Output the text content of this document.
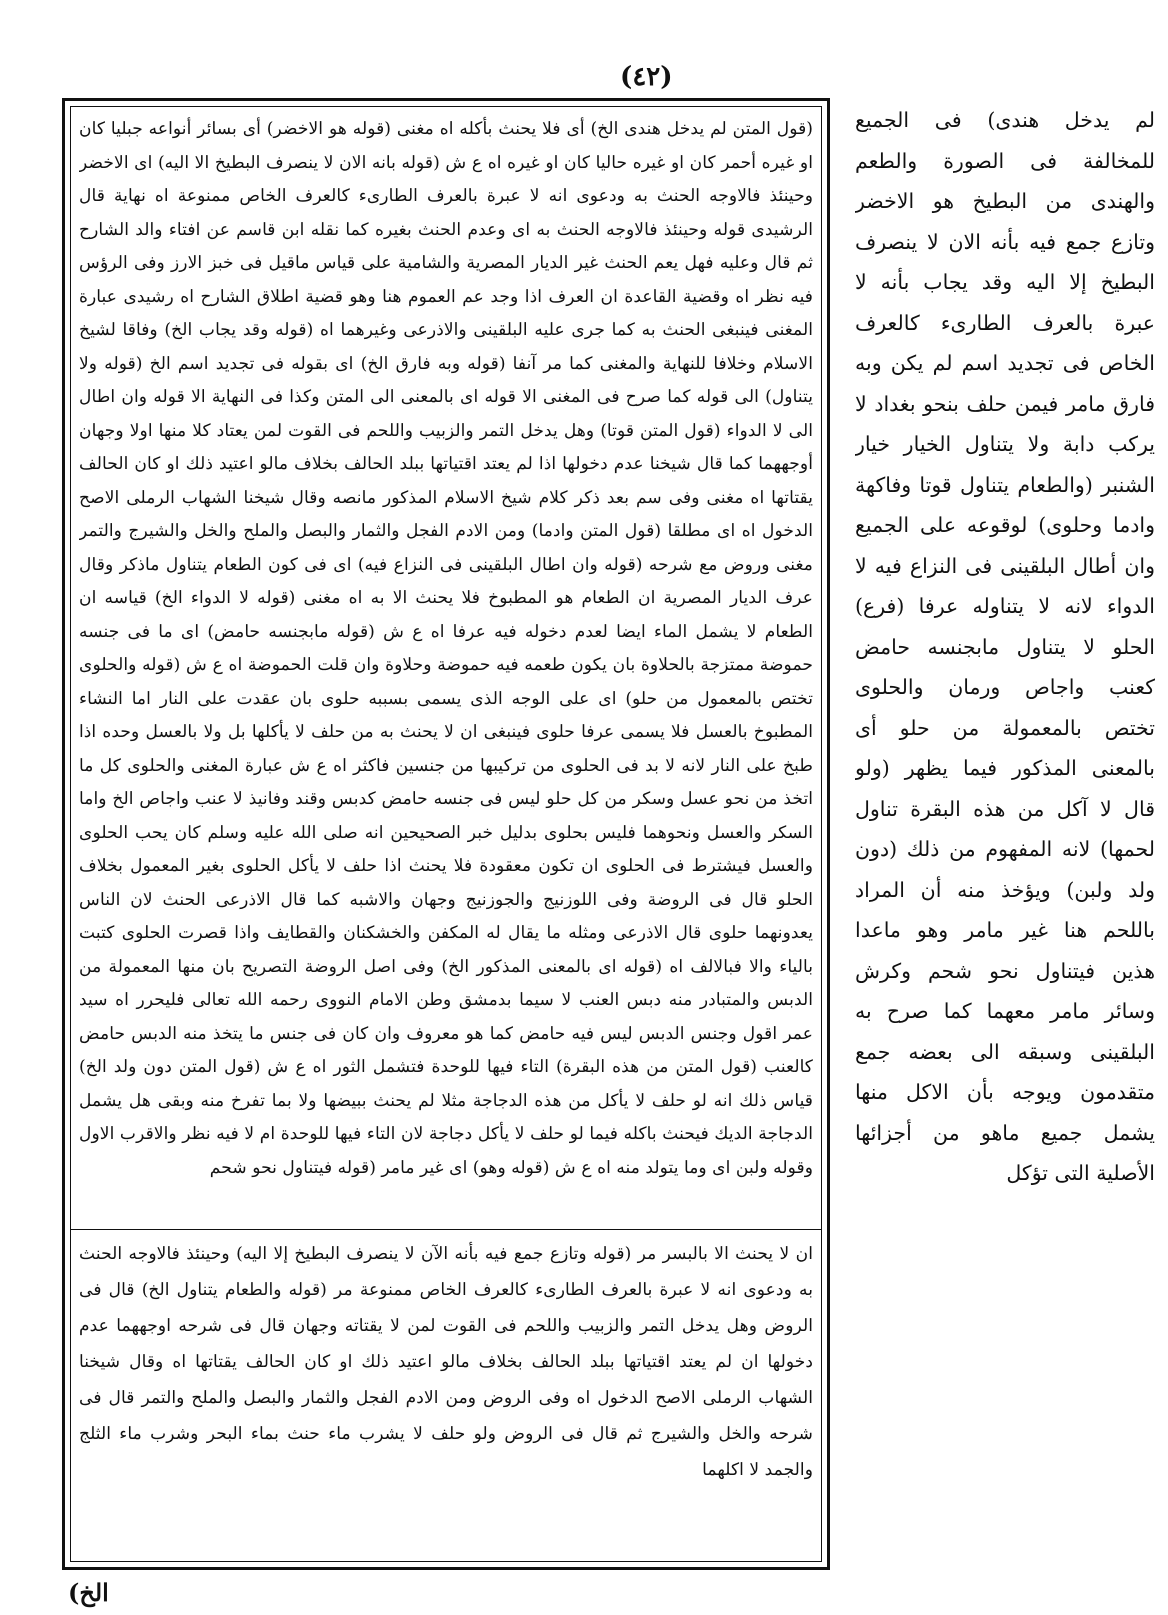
(٤٢)
لم يدخل هندى) فى الجميع للمخالفة فى الصورة والطعم والهندى من البطيخ هو الاخضر وتازع جمع فيه بأنه الان لا ينصرف البطيخ إلا اليه وقد يجاب بأنه لا عبرة بالعرف الطارىء كالعرف الخاص فى تجديد اسم لم يكن وبه فارق مامر فيمن حلف بنحو بغداد لا يركب دابة ولا يتناول الخيار خيار الشنبر (والطعام يتناول قوتا وفاكهة وادما وحلوى) لوقوعه على الجميع وان أطال البلقينى فى النزاع فيه لا الدواء لانه لا يتناوله عرفا (فرع) الحلو لا يتناول مابجنسه حامض كعنب واجاص ورمان والحلوى تختص بالمعمولة من حلو أى بالمعنى المذكور فيما يظهر (ولو قال لا آكل من هذه البقرة تناول لحمها) لانه المفهوم من ذلك (دون ولد ولبن) ويؤخذ منه أن المراد باللحم هنا غير مامر وهو ماعدا هذين فيتناول نحو شحم وكرش وسائر مامر معهما كما صرح به البلقينى وسبقه الى بعضه جمع متقدمون ويوجه بأن الاكل منها يشمل جميع ماهو من أجزائها الأصلية التى تؤكل
(قول المتن لم يدخل هندى الخ) أى فلا يحنث بأكله اه مغنى (قوله هو الاخضر) أى بسائر أنواعه جبليا كان او غيره أحمر كان او غيره حاليا كان او غيره اه ع ش (قوله بانه الان لا ينصرف البطيخ الا اليه) اى الاخضر وحينئذ فالاوجه الحنث به ودعوى انه لا عبرة بالعرف الطارىء كالعرف الخاص ممنوعة اه نهاية قال الرشيدى قوله وحينئذ فالاوجه الحنث به اى وعدم الحنث بغيره كما نقله ابن قاسم عن افتاء والد الشارح ثم قال وعليه فهل يعم الحنث غير الديار المصرية والشامية على قياس ماقيل فى خبز الارز وفى الرؤس فيه نظر اه وقضية القاعدة ان العرف اذا وجد عم العموم هنا وهو قضية اطلاق الشارح اه رشيدى عبارة المغنى فينبغى الحنث به كما جرى عليه البلقينى والاذرعى وغيرهما اه (قوله وقد يجاب الخ) وفاقا لشيخ الاسلام وخلافا للنهاية والمغنى كما مر آنفا (قوله وبه فارق الخ) اى بقوله فى تجديد اسم الخ (قوله ولا يتناول) الى قوله كما صرح فى المغنى الا قوله اى بالمعنى الى المتن وكذا فى النهاية الا قوله وان اطال الى لا الدواء (قول المتن قوتا) وهل يدخل التمر والزبيب واللحم فى القوت لمن يعتاد كلا منها اولا وجهان أوجههما كما قال شيخنا عدم دخولها اذا لم يعتد اقتياتها ببلد الحالف بخلاف مالو اعتيد ذلك او كان الحالف يقتاتها اه مغنى وفى سم بعد ذكر كلام شيخ الاسلام المذكور مانصه وقال شيخنا الشهاب الرملى الاصح الدخول اه اى مطلقا (قول المتن وادما) ومن الادم الفجل والثمار والبصل والملح والخل والشيرج والتمر مغنى وروض مع شرحه (قوله وان اطال البلقينى فى النزاع فيه) اى فى كون الطعام يتناول ماذكر وقال عرف الديار المصرية ان الطعام هو المطبوخ فلا يحنث الا به اه مغنى (قوله لا الدواء الخ) قياسه ان الطعام لا يشمل الماء ايضا لعدم دخوله فيه عرفا اه ع ش (قوله مابجنسه حامض) اى ما فى جنسه حموضة ممتزجة بالحلاوة بان يكون طعمه فيه حموضة وحلاوة وان قلت الحموضة اه ع ش (قوله والحلوى تختص بالمعمول من حلو) اى على الوجه الذى يسمى بسببه حلوى بان عقدت على النار اما النشاء المطبوخ بالعسل فلا يسمى عرفا حلوى فينبغى ان لا يحنث به من حلف لا يأكلها بل ولا بالعسل وحده اذا طبخ على النار لانه لا بد فى الحلوى من تركيبها من جنسين فاكثر اه ع ش عبارة المغنى والحلوى كل ما اتخذ من نحو عسل وسكر من كل حلو ليس فى جنسه حامض كدبس وقند وفانيذ لا عنب واجاص الخ واما السكر والعسل ونحوهما فليس بحلوى بدليل خبر الصحيحين انه صلى الله عليه وسلم كان يحب الحلوى والعسل فيشترط فى الحلوى ان تكون معقودة فلا يحنث اذا حلف لا يأكل الحلوى بغير المعمول بخلاف الحلو قال فى الروضة وفى اللوزنيج والجوزنيج وجهان والاشبه كما قال الاذرعى الحنث لان الناس يعدونهما حلوى قال الاذرعى ومثله ما يقال له المكفن والخشكنان والقطايف واذا قصرت الحلوى كتبت بالياء والا فبالالف اه (قوله اى بالمعنى المذكور الخ) وفى اصل الروضة التصريح بان منها المعمولة من الدبس والمتبادر منه دبس العنب لا سيما بدمشق وطن الامام النووى رحمه الله تعالى فليحرر اه سيد عمر اقول وجنس الدبس ليس فيه حامض كما هو معروف وان كان فى جنس ما يتخذ منه الدبس حامض كالعنب (قول المتن من هذه البقرة) التاء فيها للوحدة فتشمل الثور اه ع ش (قول المتن دون ولد الخ) قياس ذلك انه لو حلف لا يأكل من هذه الدجاجة مثلا لم يحنث ببيضها ولا بما تفرخ منه وبقى هل يشمل الدجاجة الديك فيحنث باكله فيما لو حلف لا يأكل دجاجة لان التاء فيها للوحدة ام لا فيه نظر والاقرب الاول وقوله ولبن اى وما يتولد منه اه ع ش (قوله وهو) اى غير مامر (قوله فيتناول نحو شحم
ان لا يحنث الا بالبسر مر (قوله وتازع جمع فيه بأنه الآن لا ينصرف البطيخ إلا اليه) وحينئذ فالاوجه الحنث به ودعوى انه لا عبرة بالعرف الطارىء كالعرف الخاص ممنوعة مر (قوله والطعام يتناول الخ) قال فى الروض وهل يدخل التمر والزبيب واللحم فى القوت لمن لا يقتاته وجهان قال فى شرحه اوجههما عدم دخولها ان لم يعتد اقتياتها ببلد الحالف بخلاف مالو اعتيد ذلك او كان الحالف يقتاتها اه وقال شيخنا الشهاب الرملى الاصح الدخول اه وفى الروض ومن الادم الفجل والثمار والبصل والملح والتمر قال فى شرحه والخل والشيرج ثم قال فى الروض ولو حلف لا يشرب ماء حنث بماء البحر وشرب ماء الثلج والجمد لا اكلهما
الخ)
